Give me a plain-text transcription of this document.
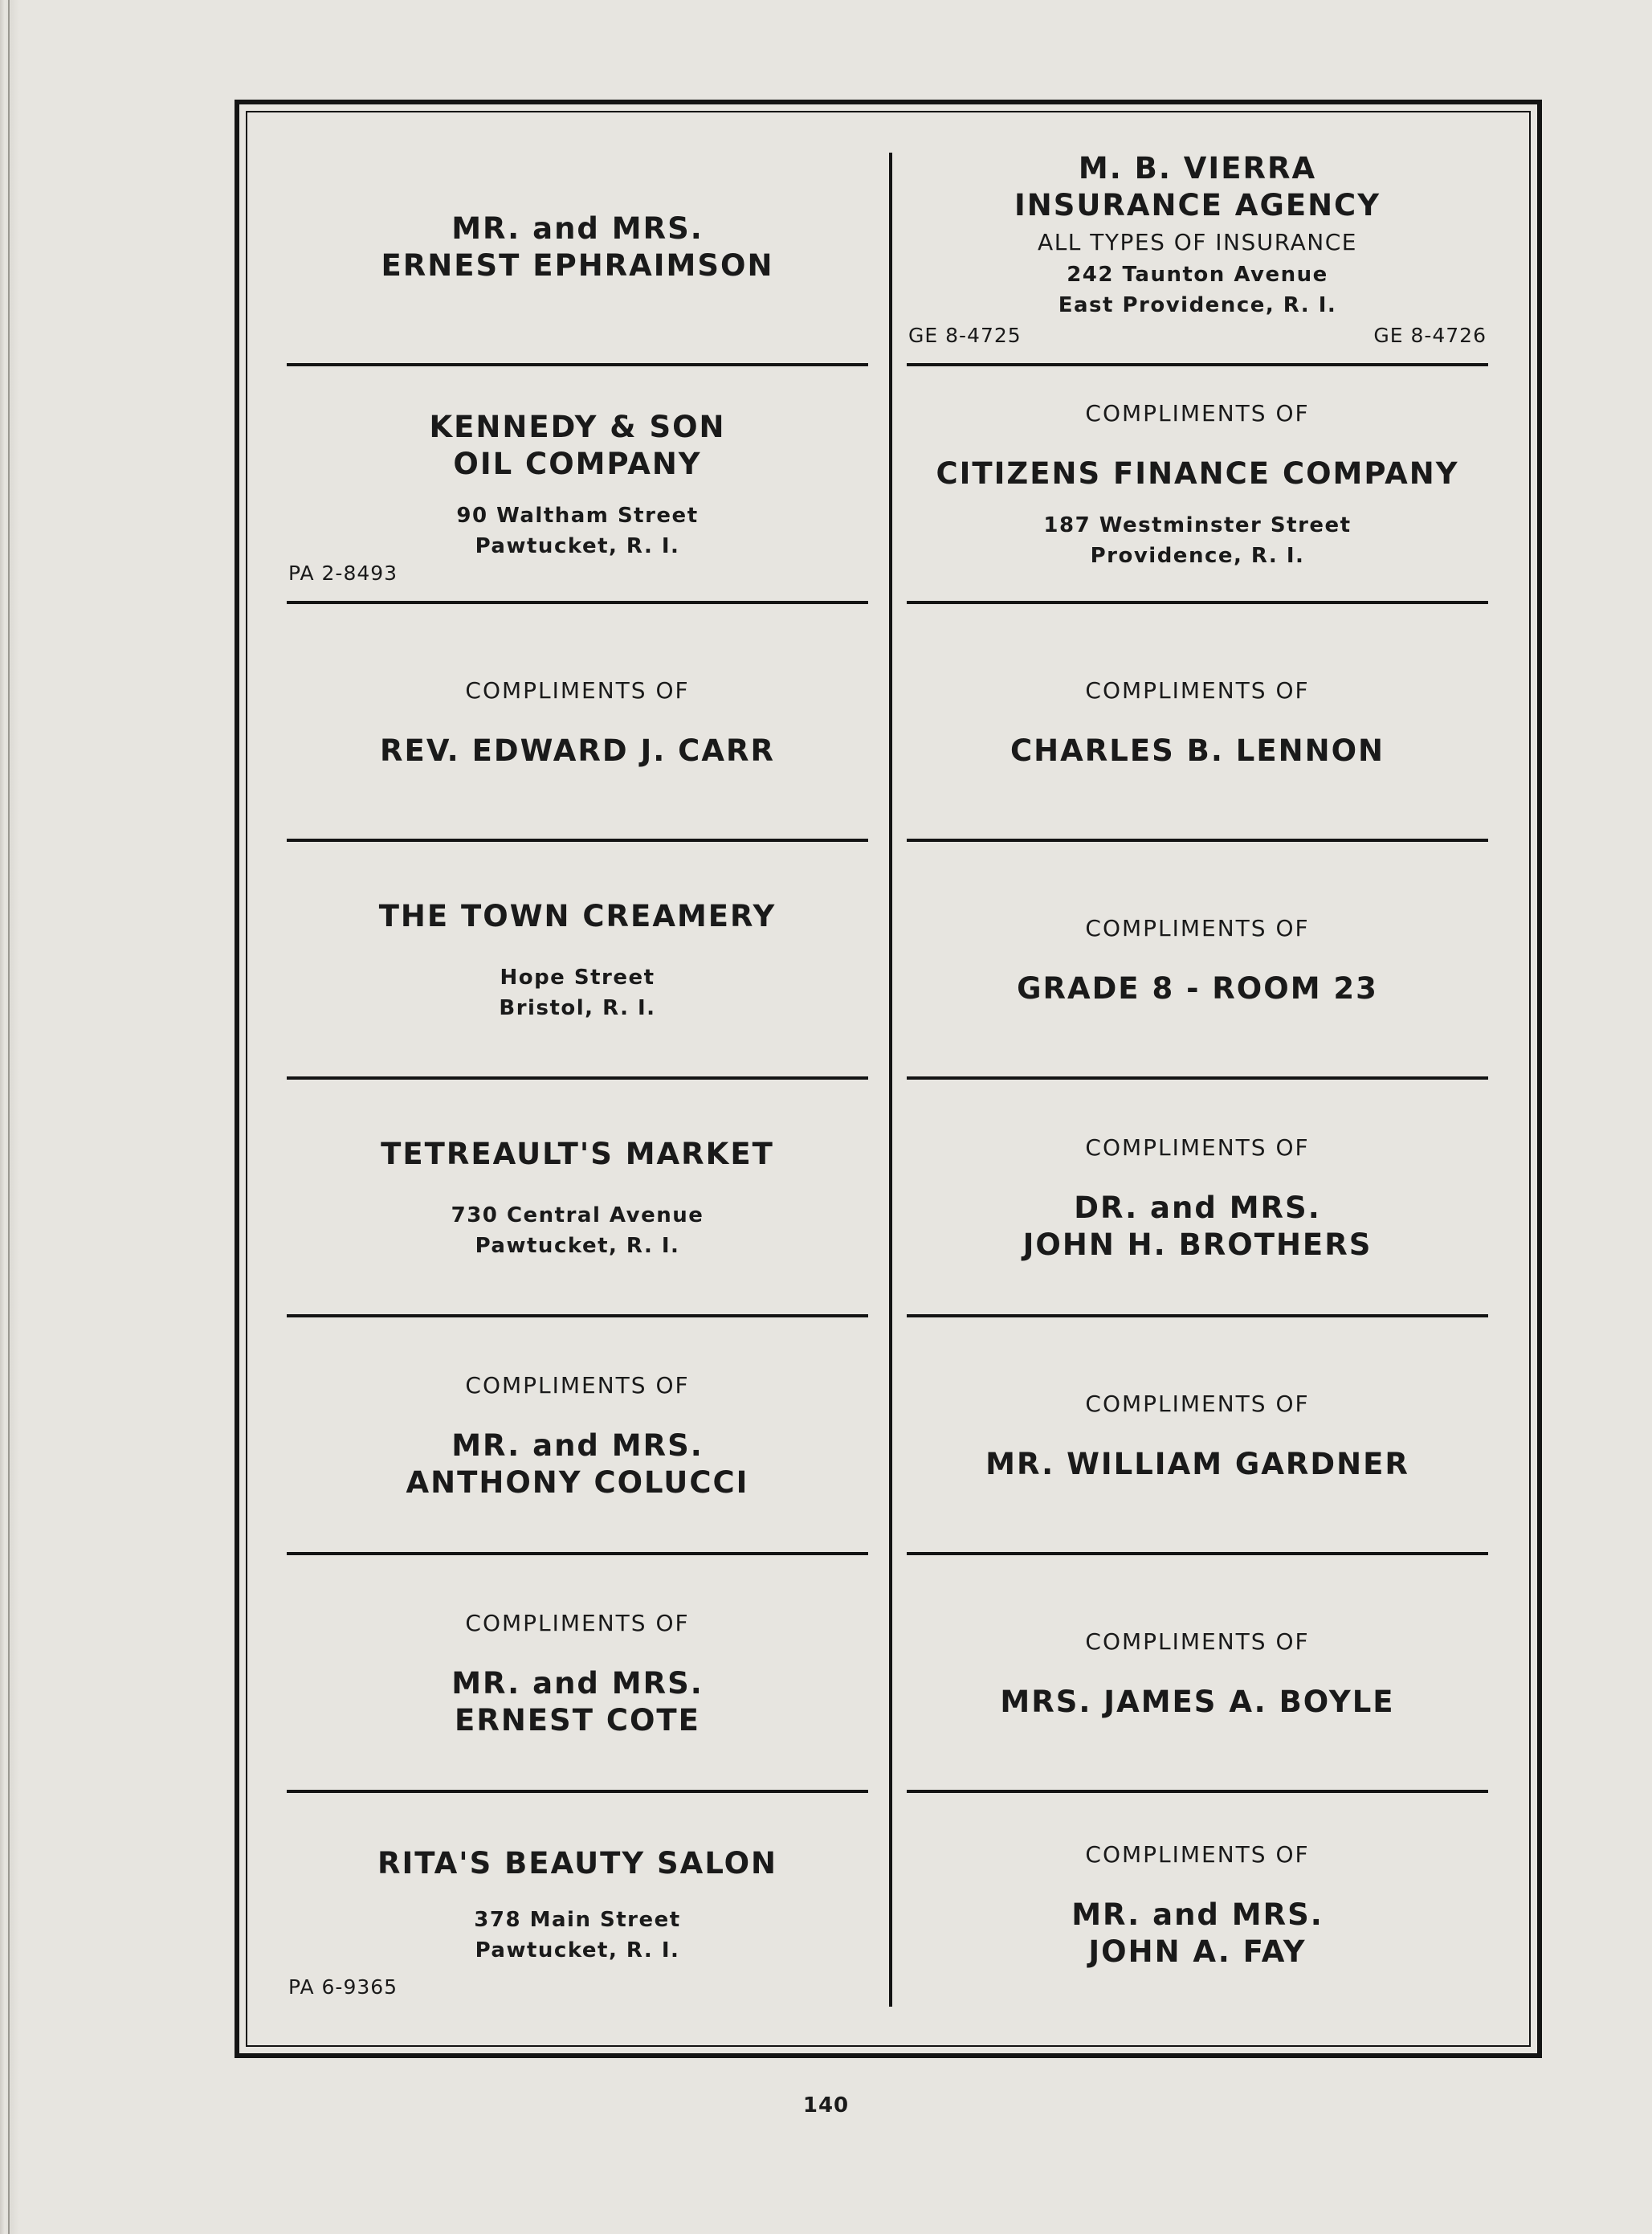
MR. and MRS.
ERNEST EPHRAIMSON
KENNEDY & SON
OIL COMPANY
90 Waltham Street
Pawtucket, R. I.
PA 2-8493
COMPLIMENTS OF
REV. EDWARD J. CARR
THE TOWN CREAMERY
Hope Street
Bristol, R. I.
TETREAULT'S MARKET
730 Central Avenue
Pawtucket, R. I.
COMPLIMENTS OF
MR. and MRS.
ANTHONY COLUCCI
COMPLIMENTS OF
MR. and MRS.
ERNEST COTE
RITA'S BEAUTY SALON
378 Main Street
Pawtucket, R. I.
PA 6-9365
M. B. VIERRA
INSURANCE AGENCY
ALL TYPES OF INSURANCE
242 Taunton Avenue
East Providence, R. I.
GE 8-4725	GE 8-4726
COMPLIMENTS OF
CITIZENS FINANCE COMPANY
187 Westminster Street
Providence, R. I.
COMPLIMENTS OF
CHARLES B. LENNON
COMPLIMENTS OF
GRADE 8 - ROOM 23
COMPLIMENTS OF
DR. and MRS.
JOHN H. BROTHERS
COMPLIMENTS OF
MR. WILLIAM GARDNER
COMPLIMENTS OF
MRS. JAMES A. BOYLE
COMPLIMENTS OF
MR. and MRS.
JOHN A. FAY
140
